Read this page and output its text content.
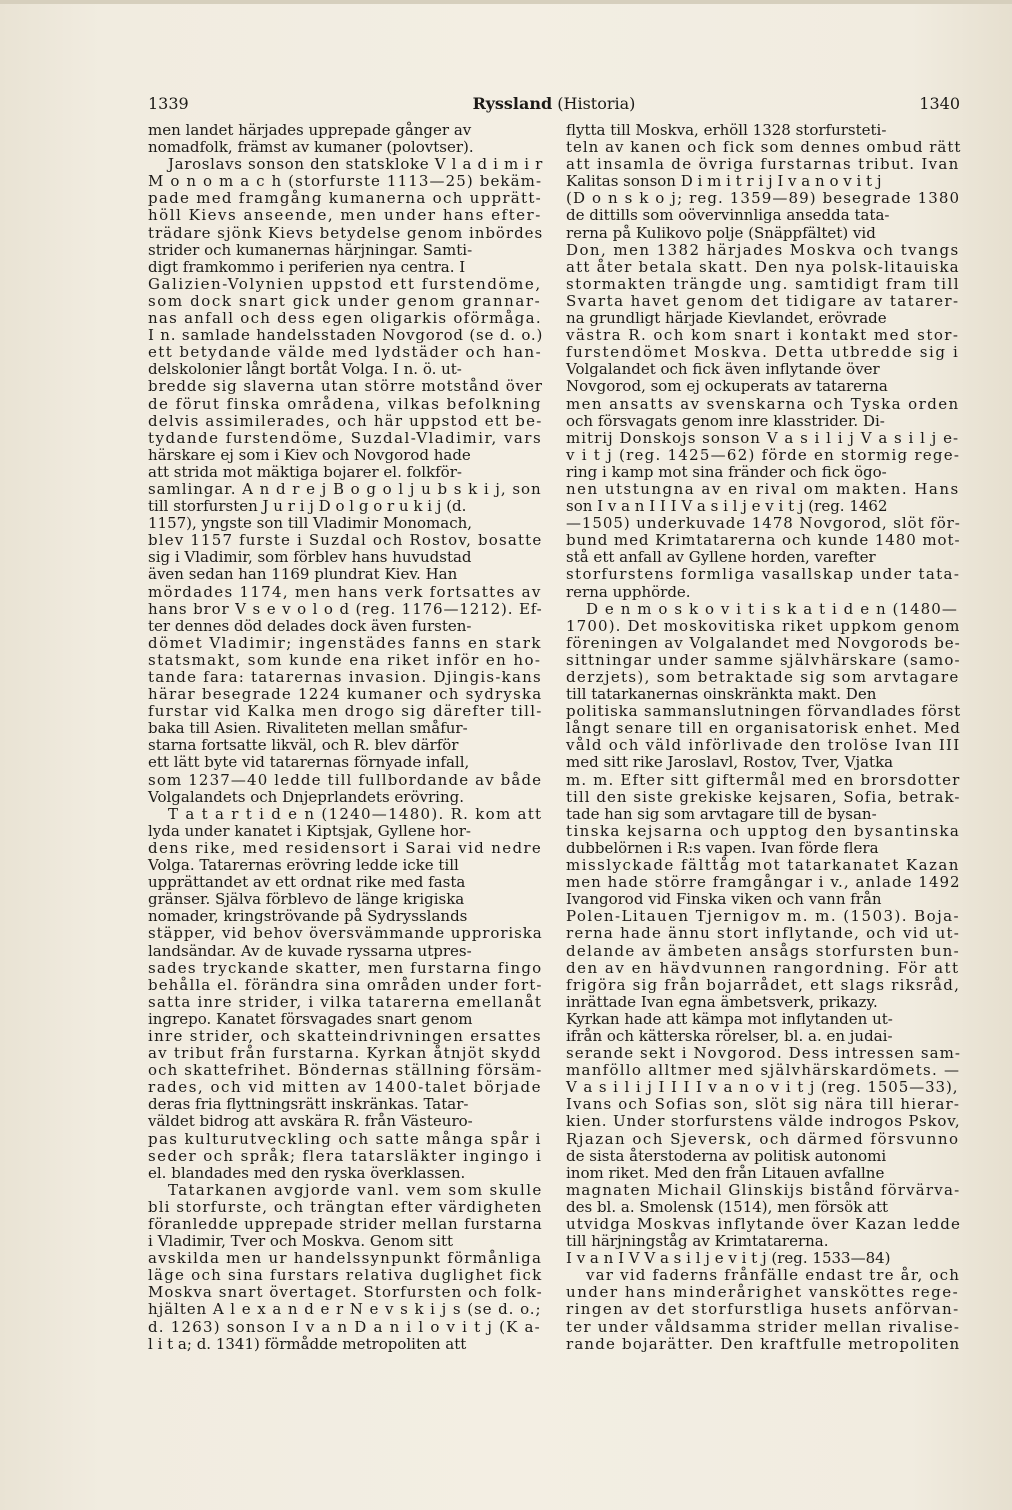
1339	Ryssland (Historia)	1340

men landet härjades upprepade gånger av

nomadfolk, främst av kumaner (polovtser).

Jaroslavs sonson den statskloke V l a d i m i r

M o n o m a c h (storfurste 1113—25) bekäm-

pade med framgång kumanerna och upprätt-

höll Kievs anseende, men under hans efter-

trädare sjönk Kievs betydelse genom inbördes

strider och kumanernas härjningar. Samti-

digt framkommo i periferien nya centra. I

Galizien-Volynien uppstod ett furstendöme,

som dock snart gick under genom grannar-

nas anfall och dess egen oligarkis oförmåga.

I n. samlade handelsstaden Novgorod (se d. o.)

ett betydande välde med lydstäder och han-

delskolonier långt bortåt Volga. I n. ö. ut-

bredde sig slaverna utan större motstånd över

de förut finska områdena, vilkas befolkning

delvis assimilerades, och här uppstod ett be-

tydande furstendöme, Suzdal-Vladimir, vars

härskare ej som i Kiev och Novgorod hade

att strida mot mäktiga bojarer el. folkför-

samlingar. A n d r e j B o g o l j u b s k i j, son

till storfursten J u r i j D o l g o r u k i j (d.

1157), yngste son till Vladimir Monomach,

blev 1157 furste i Suzdal och Rostov, bosatte

sig i Vladimir, som förblev hans huvudstad

även sedan han 1169 plundrat Kiev. Han

mördades 1174, men hans verk fortsattes av

hans bror V s e v o l o d (reg. 1176—1212). Ef-

ter dennes död delades dock även fursten-

dömet Vladimir; ingenstädes fanns en stark

statsmakt, som kunde ena riket inför en ho-

tande fara: tatarernas invasion. Djingis-kans

härar besegrade 1224 kumaner och sydryska

furstar vid Kalka men drogo sig därefter till-

baka till Asien. Rivaliteten mellan småfur-

starna fortsatte likväl, och R. blev därför

ett lätt byte vid tatarernas förnyade infall,

som 1237—40 ledde till fullbordande av både

Volgalandets och Dnjeprlandets erövring.

T a t a r t i d e n (1240—1480). R. kom att

lyda under kanatet i Kiptsjak, Gyllene hor-

dens rike, med residensort i Sarai vid nedre

Volga. Tatarernas erövring ledde icke till

upprättandet av ett ordnat rike med fasta

gränser. Själva förblevo de länge krigiska

nomader, kringströvande på Sydrysslands

stäpper, vid behov översvämmande upproriska

landsändar. Av de kuvade ryssarna utpres-

sades tryckande skatter, men furstarna fingo

behålla el. förändra sina områden under fort-

satta inre strider, i vilka tatarerna emellanåt

ingrepo. Kanatet försvagades snart genom

inre strider, och skatteindrivningen ersattes

av tribut från furstarna. Kyrkan åtnjöt skydd

och skattefrihet. Böndernas ställning försäm-

rades, och vid mitten av 1400-talet började

deras fria flyttningsrätt inskränkas. Tatar-

väldet bidrog att avskära R. från Västeuro-

pas kulturutveckling och satte många spår i

seder och språk; flera tatarsläkter ingingo i

el. blandades med den ryska överklassen.

Tatarkanen avgjorde vanl. vem som skulle

bli storfurste, och trängtan efter värdigheten

föranledde upprepade strider mellan furstarna

i Vladimir, Tver och Moskva. Genom sitt

avskilda men ur handelssynpunkt förmånliga

läge och sina furstars relativa duglighet fick

Moskva snart övertaget. Storfursten och folk-

hjälten A l e x a n d e r N e v s k i j s (se d. o.;

d. 1263) sonson I v a n D a n i l o v i t j (K a-

l i t a; d. 1341) förmådde metropoliten att

flytta till Moskva, erhöll 1328 storfursteti-

teln av kanen och fick som dennes ombud rätt

att insamla de övriga furstarnas tribut. Ivan

Kalitas sonson D i m i t r i j I v a n o v i t j

(D o n s k o j; reg. 1359—89) besegrade 1380

de dittills som oövervinnliga ansedda tata-

rerna på Kulikovo polje (Snäppfältet) vid

Don, men 1382 härjades Moskva och tvangs

att åter betala skatt. Den nya polsk-litauiska

stormakten trängde ung. samtidigt fram till

Svarta havet genom det tidigare av tatarer-

na grundligt härjade Kievlandet, erövrade

västra R. och kom snart i kontakt med stor-

furstendömet Moskva. Detta utbredde sig i

Volgalandet och fick även inflytande över

Novgorod, som ej ockuperats av tatarerna

men ansatts av svenskarna och Tyska orden

och försvagats genom inre klasstrider. Di-

mitrij Donskojs sonson V a s i l i j V a s i l j e-

v i t j (reg. 1425—62) förde en stormig rege-

ring i kamp mot sina fränder och fick ögo-

nen utstungna av en rival om makten. Hans

son I v a n I I I V a s i l j e v i t j (reg. 1462

—1505) underkuvade 1478 Novgorod, slöt för-

bund med Krimtatarerna och kunde 1480 mot-

stå ett anfall av Gyllene horden, varefter

storfurstens formliga vasallskap under tata-

rerna upphörde.

D e n m o s k o v i t i s k a t i d e n (1480—

1700). Det moskovitiska riket uppkom genom

föreningen av Volgalandet med Novgorods be-

sittningar under samme självhärskare (samo-

derzjets), som betraktade sig som arvtagare

till tatarkanernas oinskränkta makt. Den

politiska sammanslutningen förvandlades först

långt senare till en organisatorisk enhet. Med

våld och väld införlivade den trolöse Ivan III

med sitt rike Jaroslavl, Rostov, Tver, Vjatka

m. m. Efter sitt giftermål med en brorsdotter

till den siste grekiske kejsaren, Sofia, betrak-

tade han sig som arvtagare till de bysan-

tinska kejsarna och upptog den bysantinska

dubbelörnen i R:s vapen. Ivan förde flera

misslyckade fälttåg mot tatarkanatet Kazan

men hade större framgångar i v., anlade 1492

Ivangorod vid Finska viken och vann från

Polen-Litauen Tjernigov m. m. (1503). Boja-

rerna hade ännu stort inflytande, och vid ut-

delande av ämbeten ansågs storfursten bun-

den av en hävdvunnen rangordning. För att

frigöra sig från bojarrådet, ett slags riksråd,

inrättade Ivan egna ämbetsverk, prikazy.

Kyrkan hade att kämpa mot inflytanden ut-

ifrån och kätterska rörelser, bl. a. en judai-

serande sekt i Novgorod. Dess intressen sam-

manföllo alltmer med självhärskardömets. —

V a s i l i j I I I I v a n o v i t j (reg. 1505—33),

Ivans och Sofias son, slöt sig nära till hierar-

kien. Under storfurstens välde indrogos Pskov,

Rjazan och Sjeversk, och därmed försvunno

de sista återstoderna av politisk autonomi

inom riket. Med den från Litauen avfallne

magnaten Michail Glinskijs bistånd förvärva-

des bl. a. Smolensk (1514), men försök att

utvidga Moskvas inflytande över Kazan ledde

till härjningståg av Krimtatarerna.

I v a n I V V a s i l j e v i t j (reg. 1533—84)

var vid faderns frånfälle endast tre år, och

under hans minderårighet vansköttes rege-

ringen av det storfurstliga husets anförvan-

ter under våldsamma strider mellan rivalise-

rande bojarätter. Den kraftfulle metropoliten
